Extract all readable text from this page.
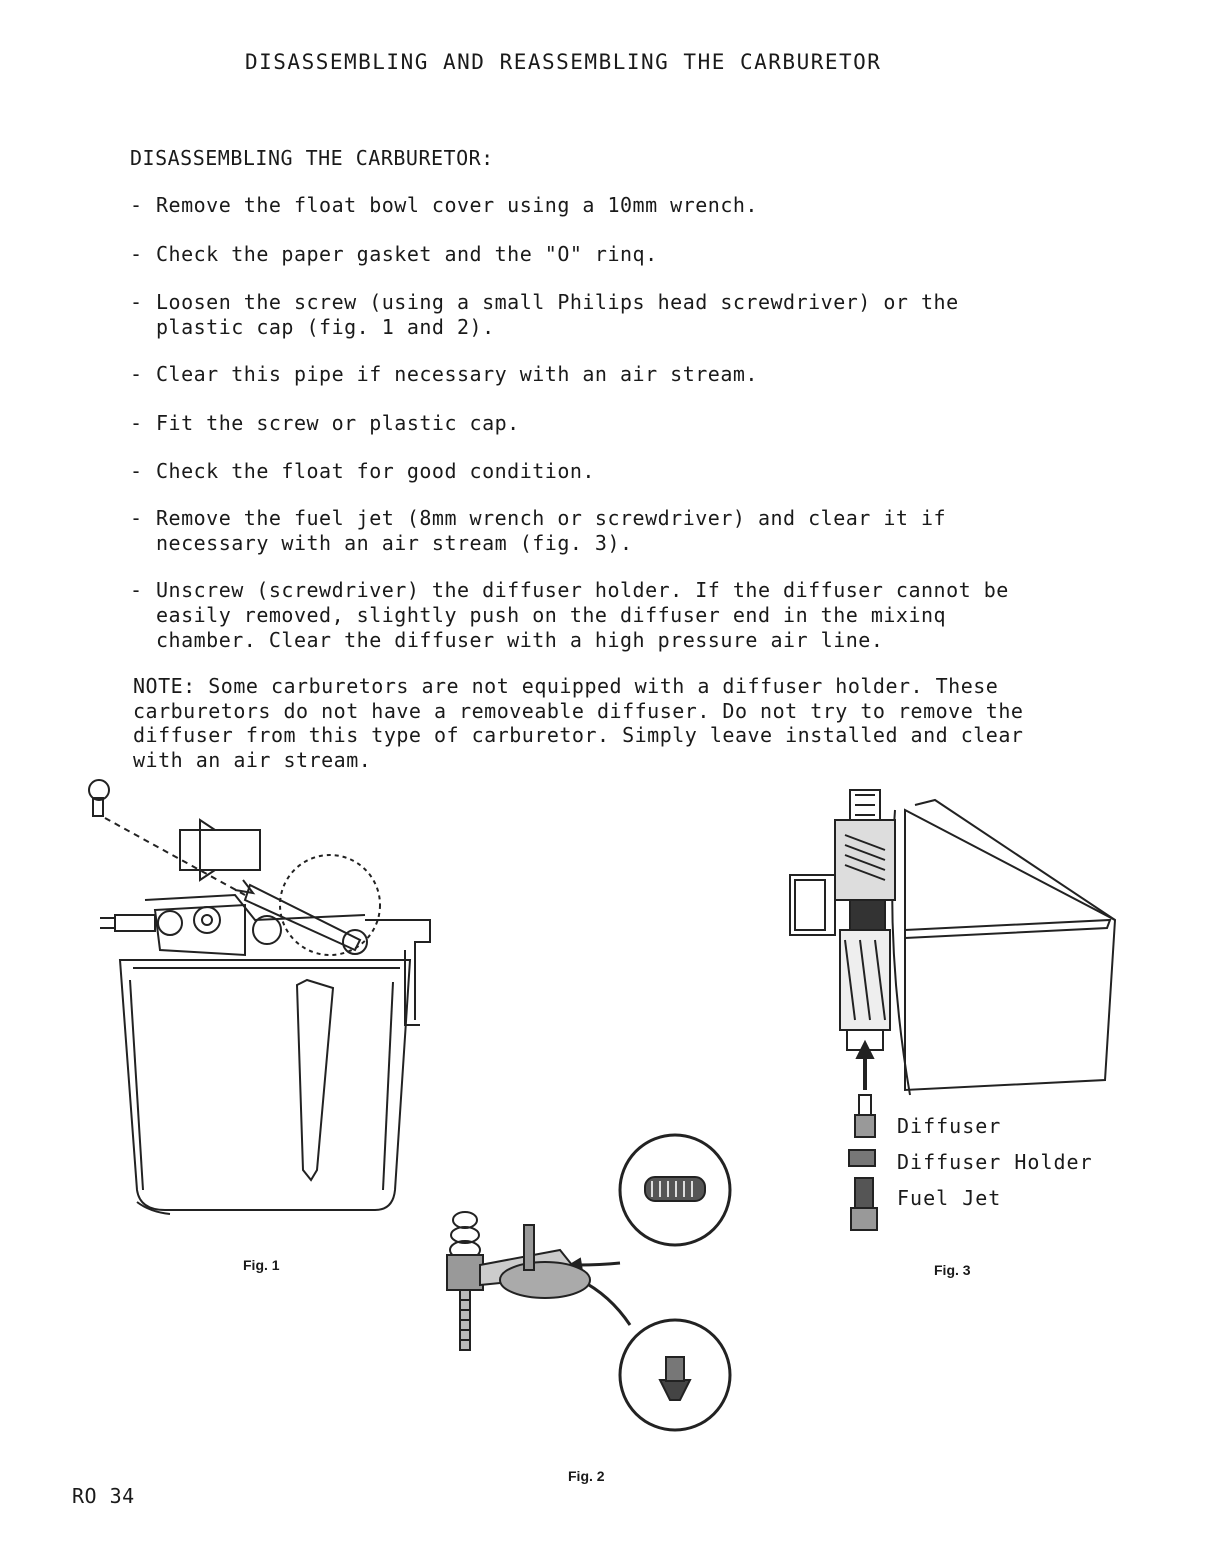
DISASSEMBLING AND REASSEMBLING THE CARBURETOR
DISASSEMBLING THE CARBURETOR:
- Remove the float bowl cover using a 10mm wrench.
- Check the paper gasket and the "O" rinq.
- Loosen the screw (using a small Philips head screwdriver) or the plastic cap (fig. 1 and 2).
- Clear this pipe if necessary with an air stream.
- Fit the screw or plastic cap.
- Check the float for good condition.
- Remove the fuel jet (8mm wrench or screwdriver) and clear it if necessary with an air stream (fig. 3).
- Unscrew (screwdriver) the diffuser holder. If the diffuser cannot be easily removed, slightly push on the diffuser end in the mixinq chamber. Clear the diffuser with a high pressure air line.
NOTE: Some carburetors are not equipped with a diffuser holder. These carburetors do not have a removeable diffuser. Do not try to remove the diffuser from this type of carburetor. Simply leave installed and clear with an air stream.
Fig. 1
Fig. 2
Diffuser
Diffuser Holder
Fuel Jet
Fig. 3
RO 34
